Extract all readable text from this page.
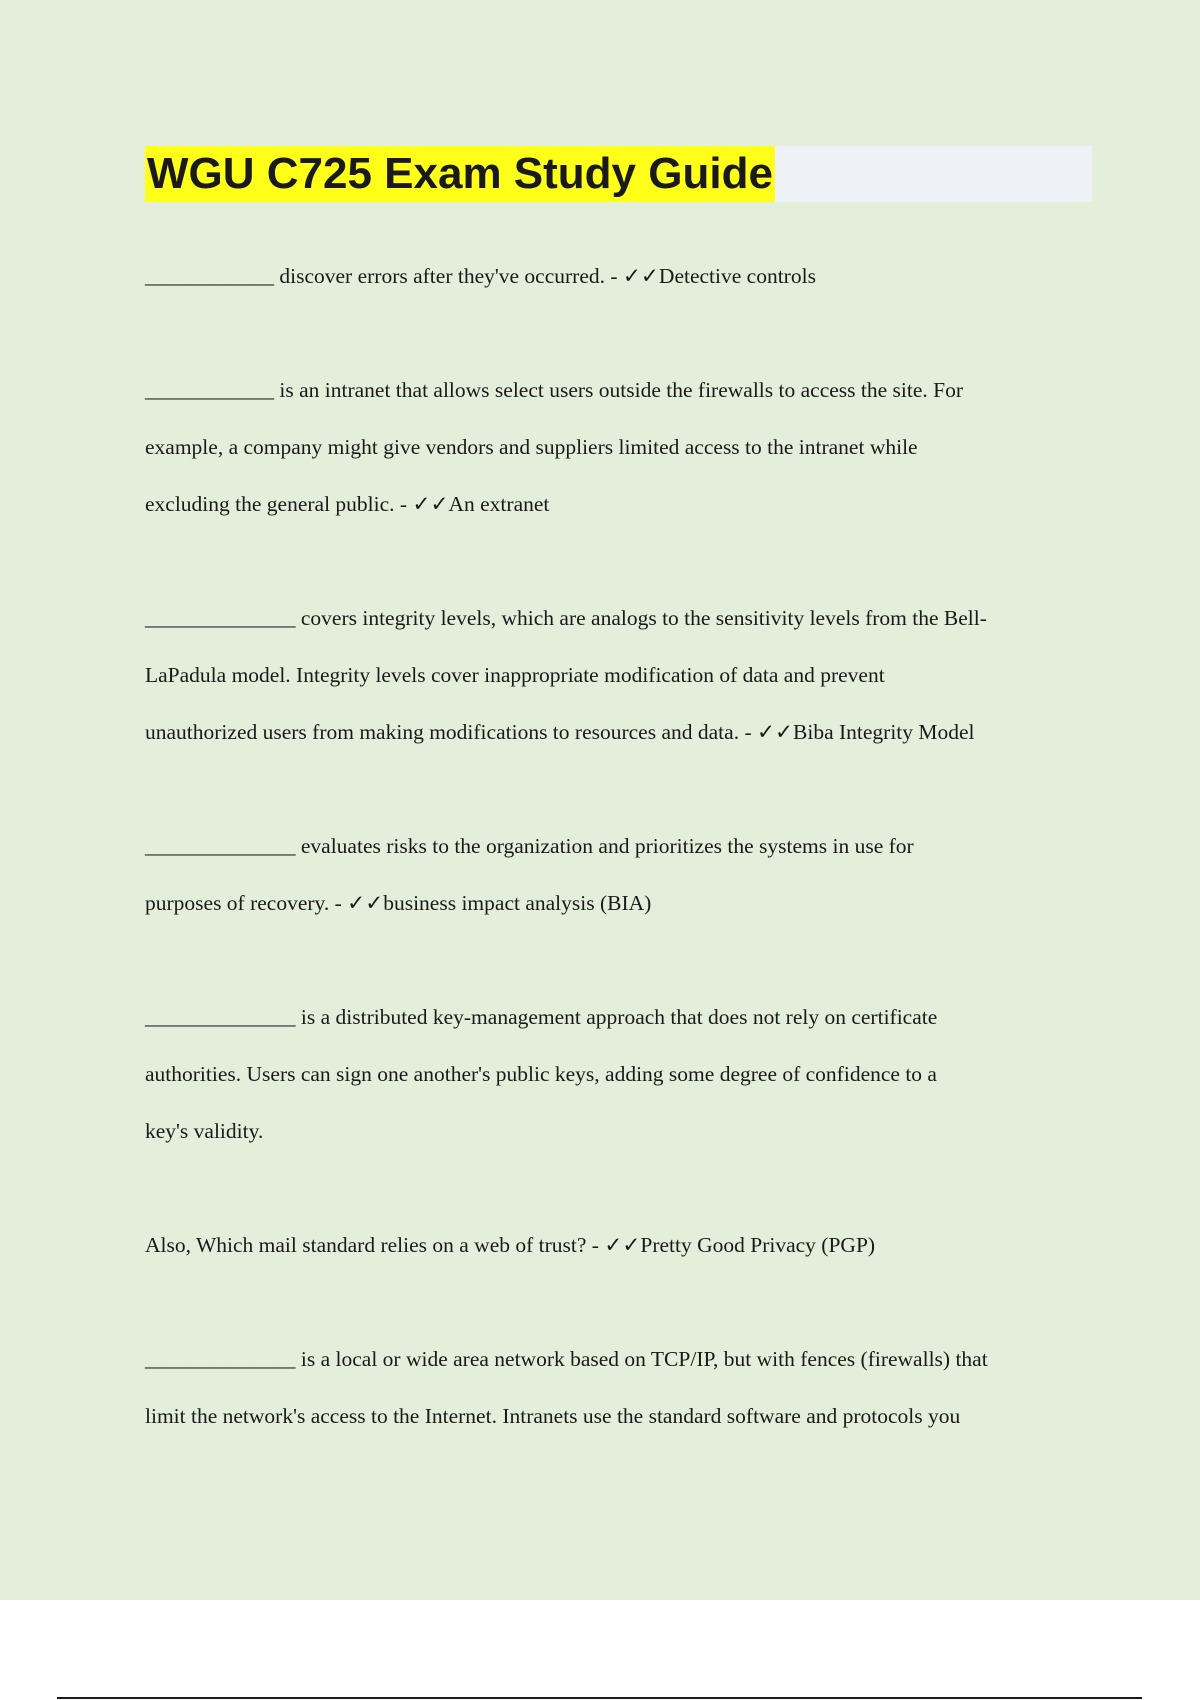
WGU C725 Exam Study Guide
____________ discover errors after they've occurred. - ✓✓Detective controls
____________ is an intranet that allows select users outside the firewalls to access the site. For
example, a company might give vendors and suppliers limited access to the intranet while
excluding the general public. - ✓✓An extranet
______________ covers integrity levels, which are analogs to the sensitivity levels from the Bell-
LaPadula model. Integrity levels cover inappropriate modification of data and prevent
unauthorized users from making modifications to resources and data. - ✓✓Biba Integrity Model
______________ evaluates risks to the organization and prioritizes the systems in use for
purposes of recovery. - ✓✓business impact analysis (BIA)
______________ is a distributed key-management approach that does not rely on certificate
authorities. Users can sign one another's public keys, adding some degree of confidence to a
key's validity.
Also, Which mail standard relies on a web of trust? - ✓✓Pretty Good Privacy (PGP)
______________ is a local or wide area network based on TCP/IP, but with fences (firewalls) that
limit the network's access to the Internet. Intranets use the standard software and protocols you
